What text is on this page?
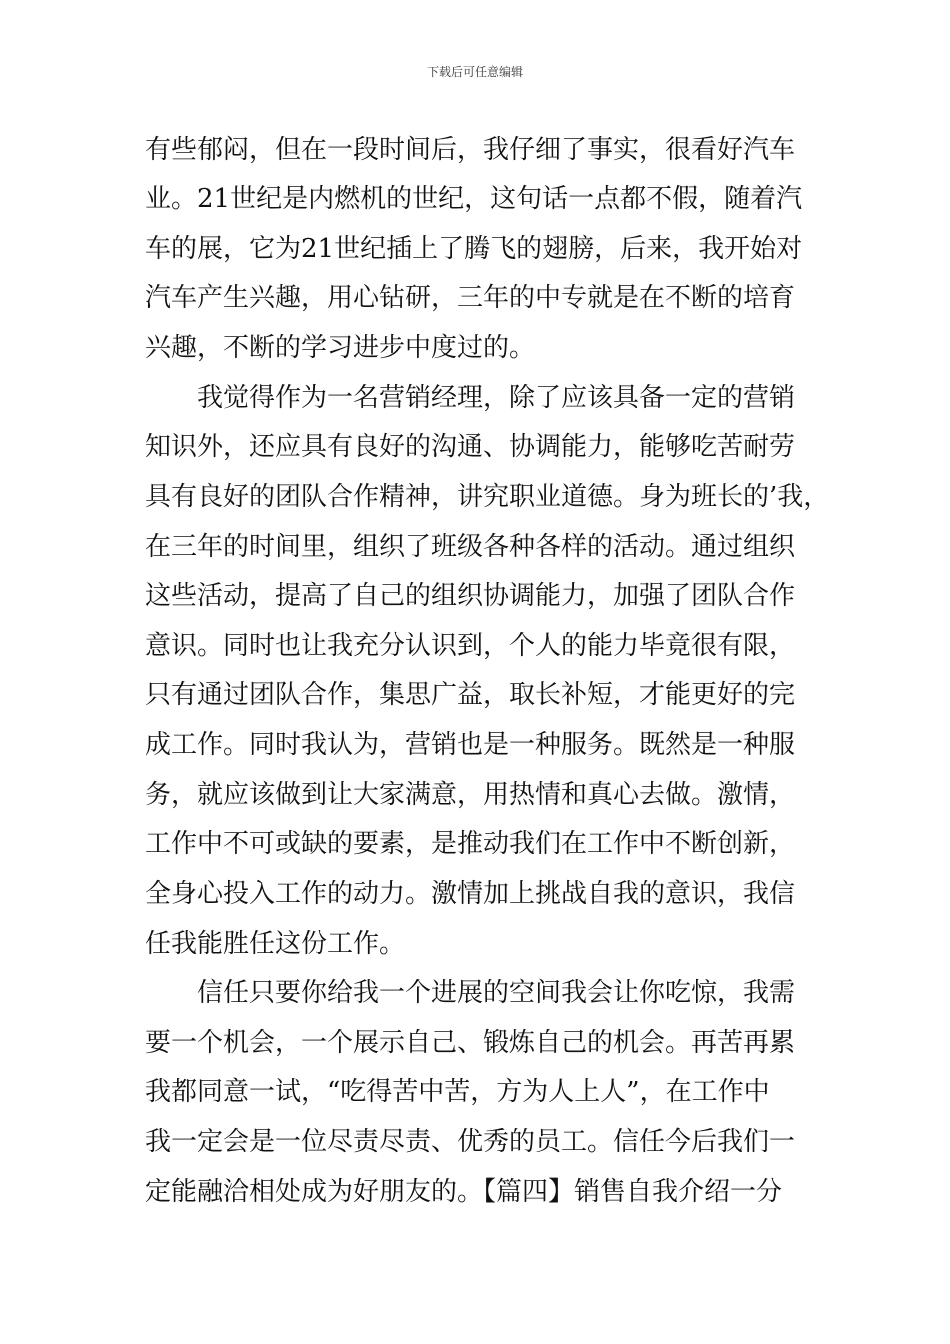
下载后可任意编辑
有些郁闷，但在一段时间后，我仔细了事实，很看好汽车
业。21世纪是内燃机的世纪，这句话一点都不假，随着汽
车的展，它为21世纪插上了腾飞的翅膀，后来，我开始对
汽车产生兴趣，用心钻研，三年的中专就是在不断的培育
兴趣，不断的学习进步中度过的。
　　我觉得作为一名营销经理，除了应该具备一定的营销
知识外，还应具有良好的沟通、协调能力，能够吃苦耐劳
具有良好的团队合作精神，讲究职业道德。身为班长的’我，
在三年的时间里，组织了班级各种各样的活动。通过组织
这些活动，提高了自己的组织协调能力，加强了团队合作
意识。同时也让我充分认识到，个人的能力毕竟很有限，
只有通过团队合作，集思广益，取长补短，才能更好的完
成工作。同时我认为，营销也是一种服务。既然是一种服
务，就应该做到让大家满意，用热情和真心去做。激情，
工作中不可或缺的要素，是推动我们在工作中不断创新，
全身心投入工作的动力。激情加上挑战自我的意识，我信
任我能胜任这份工作。
　　信任只要你给我一个进展的空间我会让你吃惊，我需
要一个机会，一个展示自己、锻炼自己的机会。再苦再累
我都同意一试，“吃得苦中苦，方为人上人”，在工作中
我一定会是一位尽责尽责、优秀的员工。信任今后我们一
定能融洽相处成为好朋友的。【篇四】销售自我介绍一分
